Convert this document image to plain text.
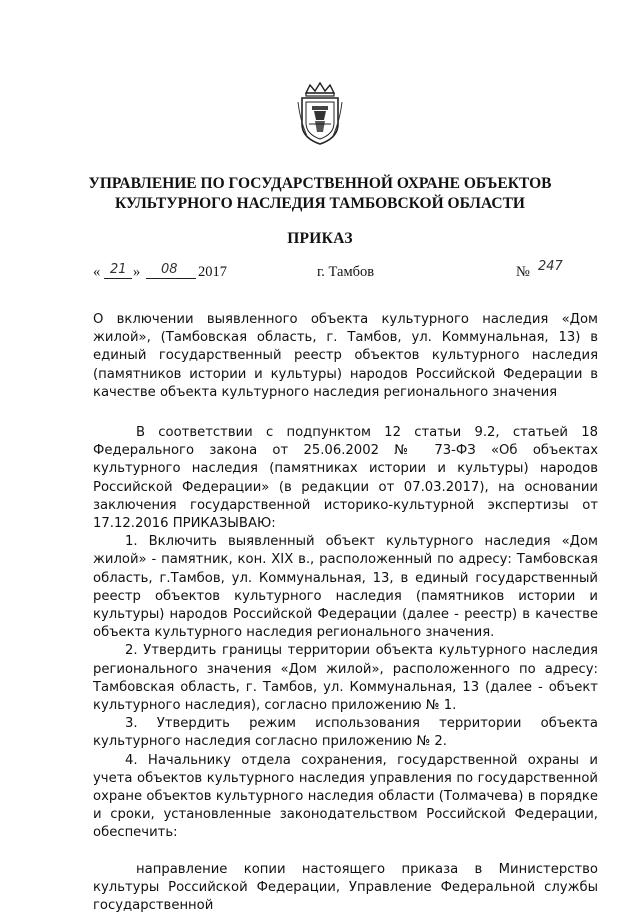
УПРАВЛЕНИЕ ПО ГОСУДАРСТВЕННОЙ ОХРАНЕ ОБЪЕКТОВ
КУЛЬТУРНОГО НАСЛЕДИЯ ТАМБОВСКОЙ ОБЛАСТИ
ПРИКАЗ
« 21 » 08 2017	г. Тамбов	№ 247
О включении выявленного объекта культурного наследия «Дом жилой», (Тамбовская область, г. Тамбов, ул. Коммунальная, 13) в единый государственный реестр объектов культурного наследия (памятников истории и культуры) народов Российской Федерации в качестве объекта культурного наследия регионального значения

В соответствии с подпунктом 12 статьи 9.2, статьей 18 Федерального закона от 25.06.2002 № 73-ФЗ «Об объектах культурного наследия (памятниках истории и культуры) народов Российской Федерации» (в редакции от 07.03.2017), на основании заключения государственной историко-культурной экспертизы от 17.12.2016 ПРИКАЗЫВАЮ:

1. Включить выявленный объект культурного наследия «Дом жилой» - памятник, кон. XIX в., расположенный по адресу: Тамбовская область, г.Тамбов, ул. Коммунальная, 13, в единый государственный реестр объектов культурного наследия (памятников истории и культуры) народов Российской Федерации (далее - реестр) в качестве объекта культурного наследия регионального значения.

2. Утвердить границы территории объекта культурного наследия регионального значения «Дом жилой», расположенного по адресу: Тамбовская область, г. Тамбов, ул. Коммунальная, 13 (далее - объект культурного наследия), согласно приложению № 1.

3. Утвердить режим использования территории объекта культурного наследия согласно приложению № 2.

4. Начальнику отдела сохранения, государственной охраны и учета объектов культурного наследия управления по государственной охране объектов культурного наследия области (Толмачева) в порядке и сроки, установленные законодательством Российской Федерации, обеспечить:

направление копии настоящего приказа в Министерство культуры Российской Федерации, Управление Федеральной службы государственной
